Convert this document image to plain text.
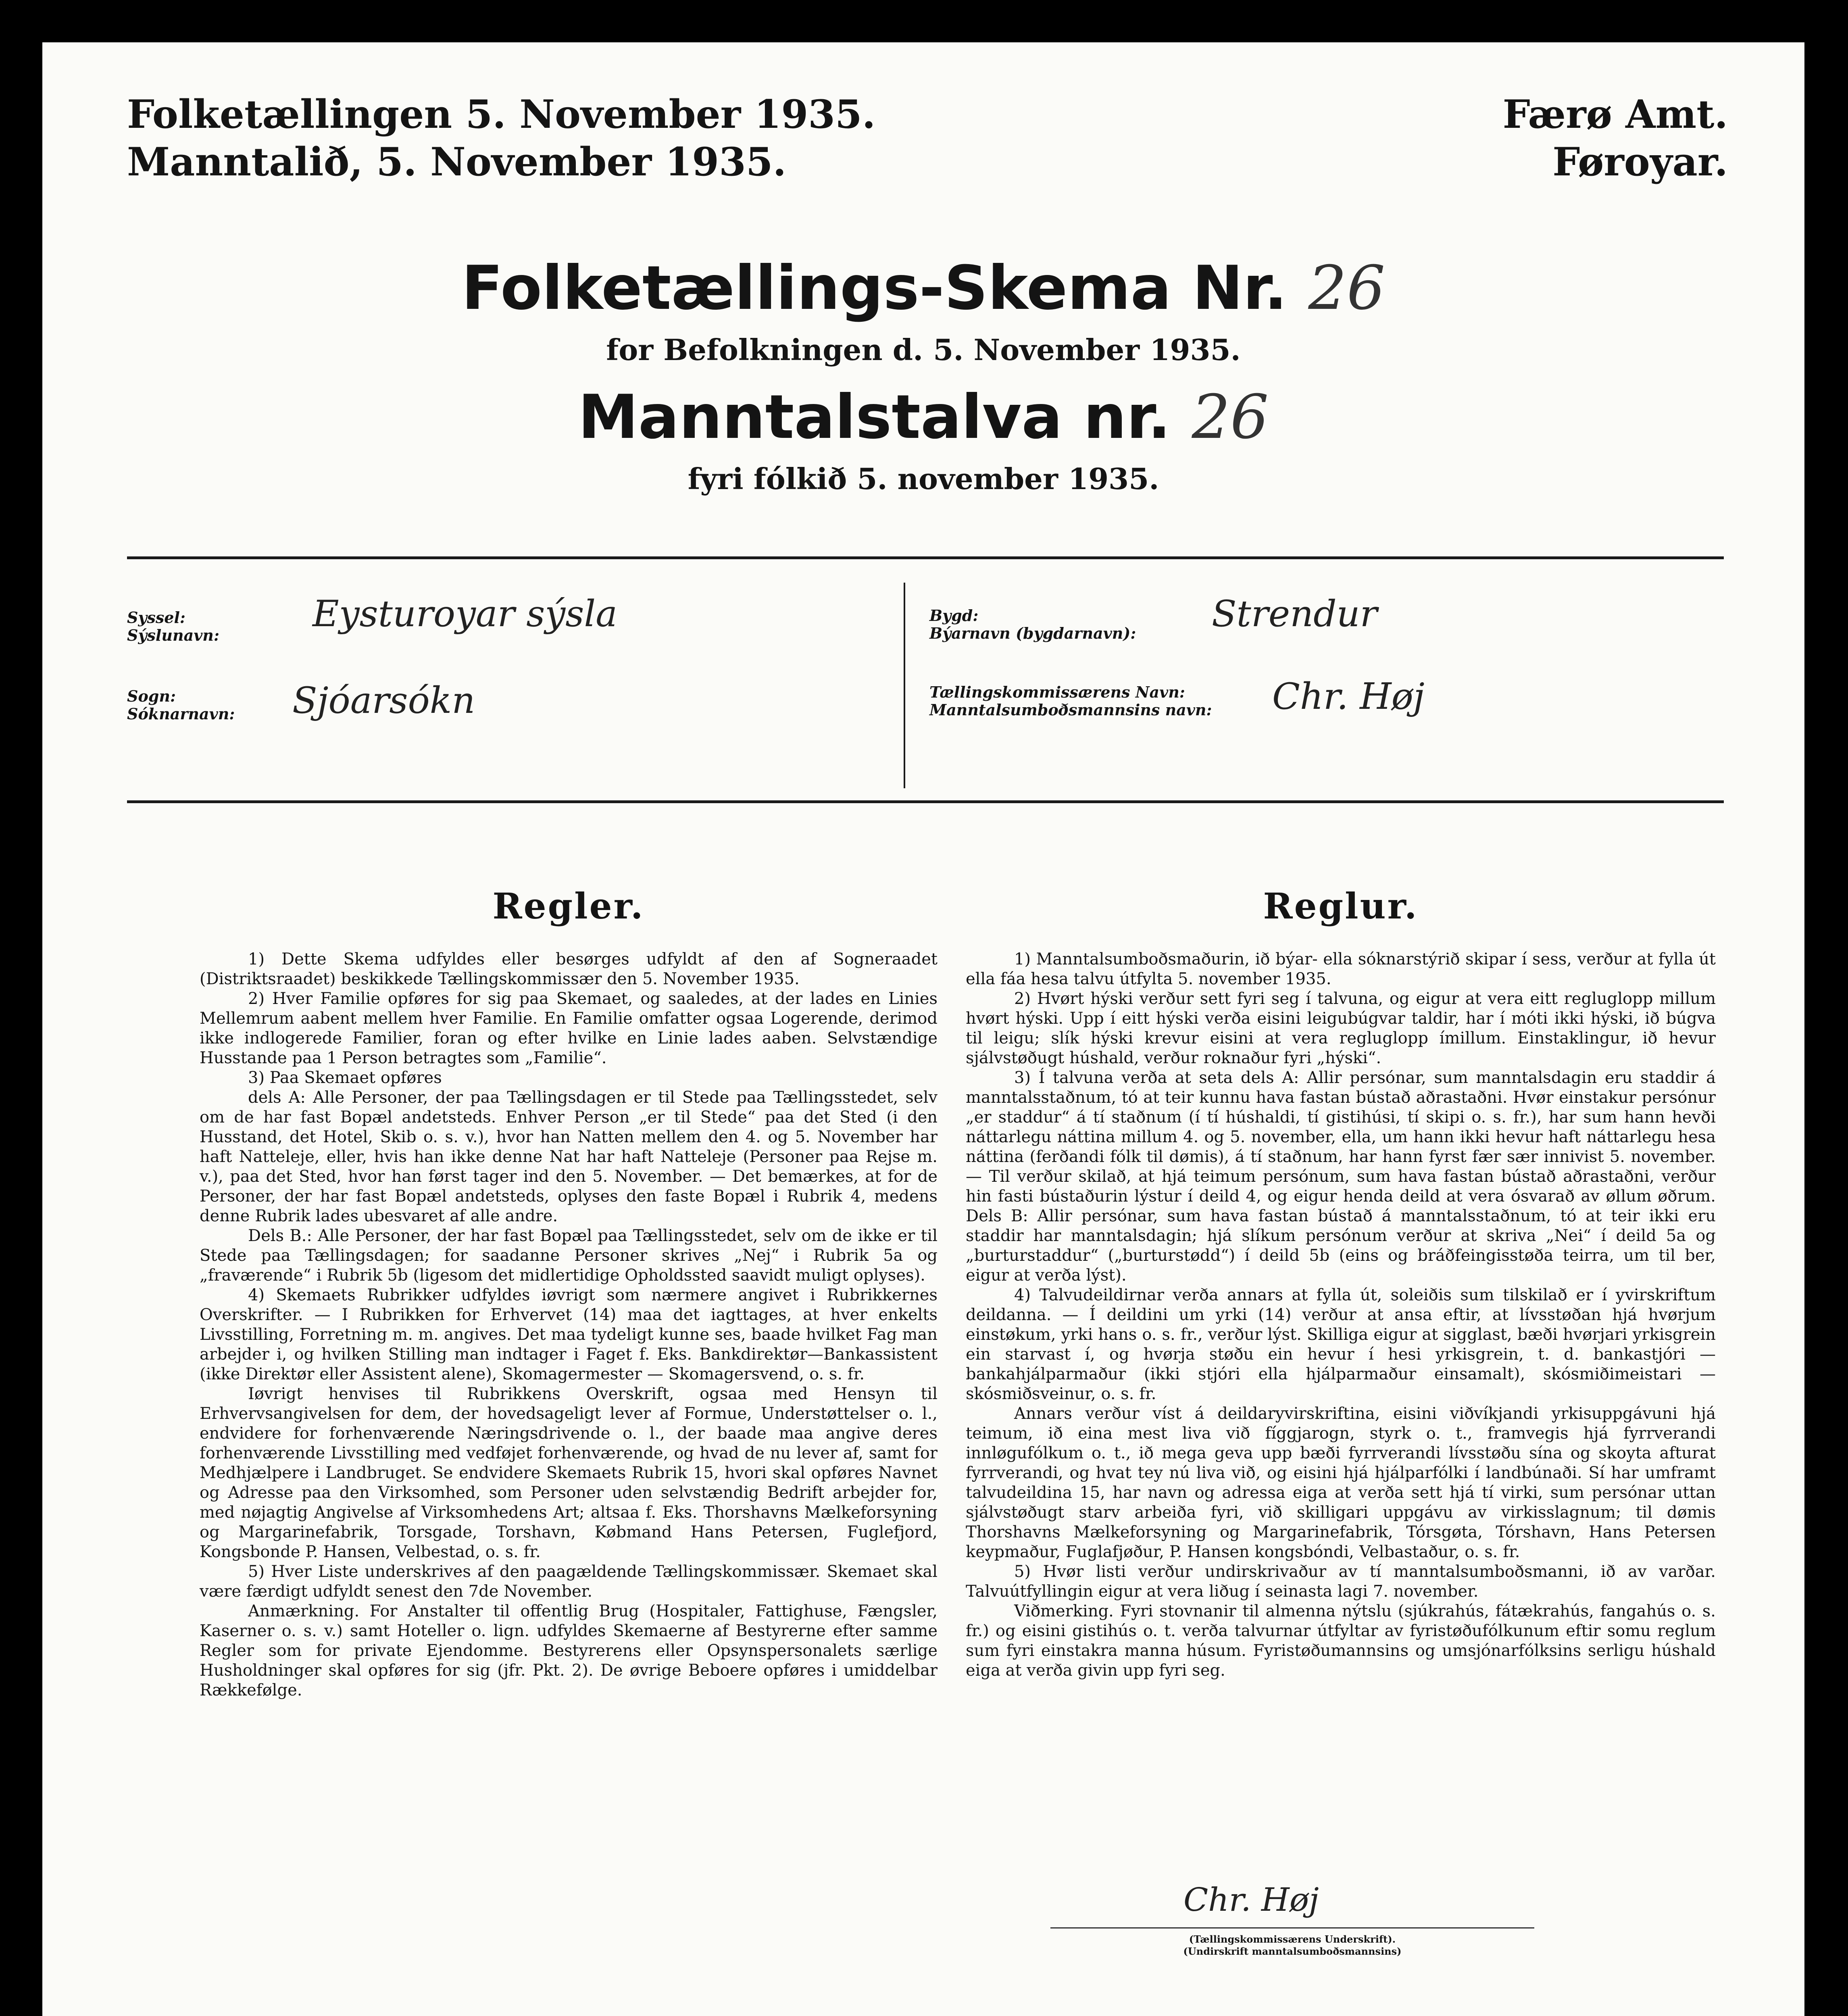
Folketællingen 5. November 1935.
Manntalið, 5. November 1935.
Færø Amt.
Føroyar.
Folketællings-Skema Nr. 26
for Befolkningen d. 5. November 1935.
Manntalstalva nr. 26
fyri fólkið 5. november 1935.
Syssel:
Sýslunavn:
Eysturoyar sýsla
Sogn:
Sóknarnavn: Sjóarsókn
Bygd:
Býarnavn (bygdarnavn): Strendur
Tællingskommissærens Navn:
Manntalsumboðsmannsins navn: Chr. Høj
Regler.

1) Dette Skema udfyldes eller besørges udfyldt af den af Sogneraadet (Distriktsraadet) beskikkede Tællingskommissær den 5. November 1935.

2) Hver Familie opføres for sig paa Skemaet, og saaledes, at der lades en Linies Mellemrum aabent mellem hver Familie. En Familie omfatter ogsaa Logerende, derimod ikke indlogerede Familier, foran og efter hvilke en Linie lades aaben. Selvstændige Husstande paa 1 Person betragtes som „Familie“.

3) Paa Skemaet opføres

dels A: Alle Personer, der paa Tællingsdagen er til Stede paa Tællingsstedet, selv om de har fast Bopæl andetsteds. Enhver Person „er til Stede“ paa det Sted (i den Husstand, det Hotel, Skib o. s. v.), hvor han Natten mellem den 4. og 5. November har haft Natteleje, eller, hvis han ikke denne Nat har haft Natteleje (Personer paa Rejse m. v.), paa det Sted, hvor han først tager ind den 5. November. — Det bemærkes, at for de Personer, der har fast Bopæl andetsteds, oplyses den faste Bopæl i Rubrik 4, medens denne Rubrik lades ubesvaret af alle andre.

Dels B.: Alle Personer, der har fast Bopæl paa Tællingsstedet, selv om de ikke er til Stede paa Tællingsdagen; for saadanne Personer skrives „Nej“ i Rubrik 5a og „fraværende“ i Rubrik 5b (ligesom det midlertidige Opholdssted saavidt muligt oplyses).

4) Skemaets Rubrikker udfyldes iøvrigt som nærmere angivet i Rubrikkernes Overskrifter. — I Rubrikken for Erhvervet (14) maa det iagttages, at hver enkelts Livsstilling, Forretning m. m. angives. Det maa tydeligt kunne ses, baade hvilket Fag man arbejder i, og hvilken Stilling man indtager i Faget f. Eks. Bankdirektør—Bankassistent (ikke Direktør eller Assistent alene), Skomagermester — Skomagersvend, o. s. fr.

Iøvrigt henvises til Rubrikkens Overskrift, ogsaa med Hensyn til Erhvervsangivelsen for dem, der hovedsageligt lever af Formue, Understøttelser o. l., endvidere for forhenværende Næringsdrivende o. l., der baade maa angive deres forhenværende Livsstilling med vedføjet forhenværende, og hvad de nu lever af, samt for Medhjælpere i Landbruget. Se endvidere Skemaets Rubrik 15, hvori skal opføres Navnet og Adresse paa den Virksomhed, som Personer uden selvstændig Bedrift arbejder for, med nøjagtig Angivelse af Virksomhedens Art; altsaa f. Eks. Thorshavns Mælkeforsyning og Margarinefabrik, Torsgade, Torshavn, Købmand Hans Petersen, Fuglefjord, Kongsbonde P. Hansen, Velbestad, o. s. fr.

5) Hver Liste underskrives af den paagældende Tællingskommissær. Skemaet skal være færdigt udfyldt senest den 7de November.

Anmærkning. For Anstalter til offentlig Brug (Hospitaler, Fattighuse, Fængsler, Kaserner o. s. v.) samt Hoteller o. lign. udfyldes Skemaerne af Bestyrerne efter samme Regler som for private Ejendomme. Bestyrerens eller Opsynspersonalets særlige Husholdninger skal opføres for sig (jfr. Pkt. 2). De øvrige Beboere opføres i umiddelbar Rækkefølge.

Reglur.

1) Manntalsumboðsmaðurin, ið býar- ella sóknarstýrið skipar í sess, verður at fylla út ella fáa hesa talvu útfylta 5. november 1935.

2) Hvørt hýski verður sett fyri seg í talvuna, og eigur at vera eitt regluglopp millum hvørt hýski. Upp í eitt hýski verða eisini leigubúgvar taldir, har í móti ikki hýski, ið búgva til leigu; slík hýski krevur eisini at vera regluglopp ímillum. Einstaklingur, ið hevur sjálvstøðugt húshald, verður roknaður fyri „hýski“.

3) Í talvuna verða at seta dels A: Allir persónar, sum manntalsdagin eru staddir á manntalsstaðnum, tó at teir kunnu hava fastan bústað aðrastaðni. Hvør einstakur persónur „er staddur“ á tí staðnum (í tí húshaldi, tí gistihúsi, tí skipi o. s. fr.), har sum hann hevði náttarlegu náttina millum 4. og 5. november, ella, um hann ikki hevur haft náttarlegu hesa náttina (ferðandi fólk til dømis), á tí staðnum, har hann fyrst fær sær innivist 5. november. — Til verður skilað, at hjá teimum persónum, sum hava fastan bústað aðrastaðni, verður hin fasti bústaðurin lýstur í deild 4, og eigur henda deild at vera ósvarað av øllum øðrum. Dels B: Allir persónar, sum hava fastan bústað á manntalsstaðnum, tó at teir ikki eru staddir har manntalsdagin; hjá slíkum persónum verður at skriva „Nei“ í deild 5a og „burturstaddur“ („burturstødd“) í deild 5b (eins og bráðfeingisstøða teirra, um til ber, eigur at verða lýst).

4) Talvudeildirnar verða annars at fylla út, soleiðis sum tilskilað er í yvirskriftum deildanna. — Í deildini um yrki (14) verður at ansa eftir, at lívsstøðan hjá hvørjum einstøkum, yrki hans o. s. fr., verður lýst. Skilliga eigur at sigglast, bæði hvørjari yrkisgrein ein starvast í, og hvørja støðu ein hevur í hesi yrkisgrein, t. d. bankastjóri — bankahjálparmaður (ikki stjóri ella hjálparmaður einsamalt), skósmiðimeistari — skósmiðsveinur, o. s. fr.

Annars verður víst á deildaryvirskriftina, eisini viðvíkjandi yrkisuppgávuni hjá teimum, ið eina mest liva við fíggjarogn, styrk o. t., framvegis hjá fyrrverandi innløgufólkum o. t., ið mega geva upp bæði fyrrverandi lívsstøðu sína og skoyta afturat fyrrverandi, og hvat tey nú liva við, og eisini hjá hjálparfólki í landbúnaði. Sí har umframt talvudeildina 15, har navn og adressa eiga at verða sett hjá tí virki, sum persónar uttan sjálvstøðugt starv arbeiða fyri, við skilligari uppgávu av virkisslagnum; til dømis Thorshavns Mælkeforsyning og Margarinefabrik, Tórsgøta, Tórshavn, Hans Petersen keypmaður, Fuglafjøður, P. Hansen kongsbóndi, Velbastaður, o. s. fr.

5) Hvør listi verður undirskrivaður av tí manntalsumboðsmanni, ið av varðar. Talvuútfyllingin eigur at vera liðug í seinasta lagi 7. november.

Viðmerking. Fyri stovnanir til almenna nýtslu (sjúkrahús, fátækrahús, fangahús o. s. fr.) og eisini gistihús o. t. verða talvurnar útfyltar av fyristøðufólkunum eftir somu reglum sum fyri einstakra manna húsum. Fyristøðumannsins og umsjónarfólksins serligu húshald eiga at verða givin upp fyri seg.

Chr. Høj
(Tællingskommissærens Underskrift).
(Undirskrift manntalsumboðsmannsins)
